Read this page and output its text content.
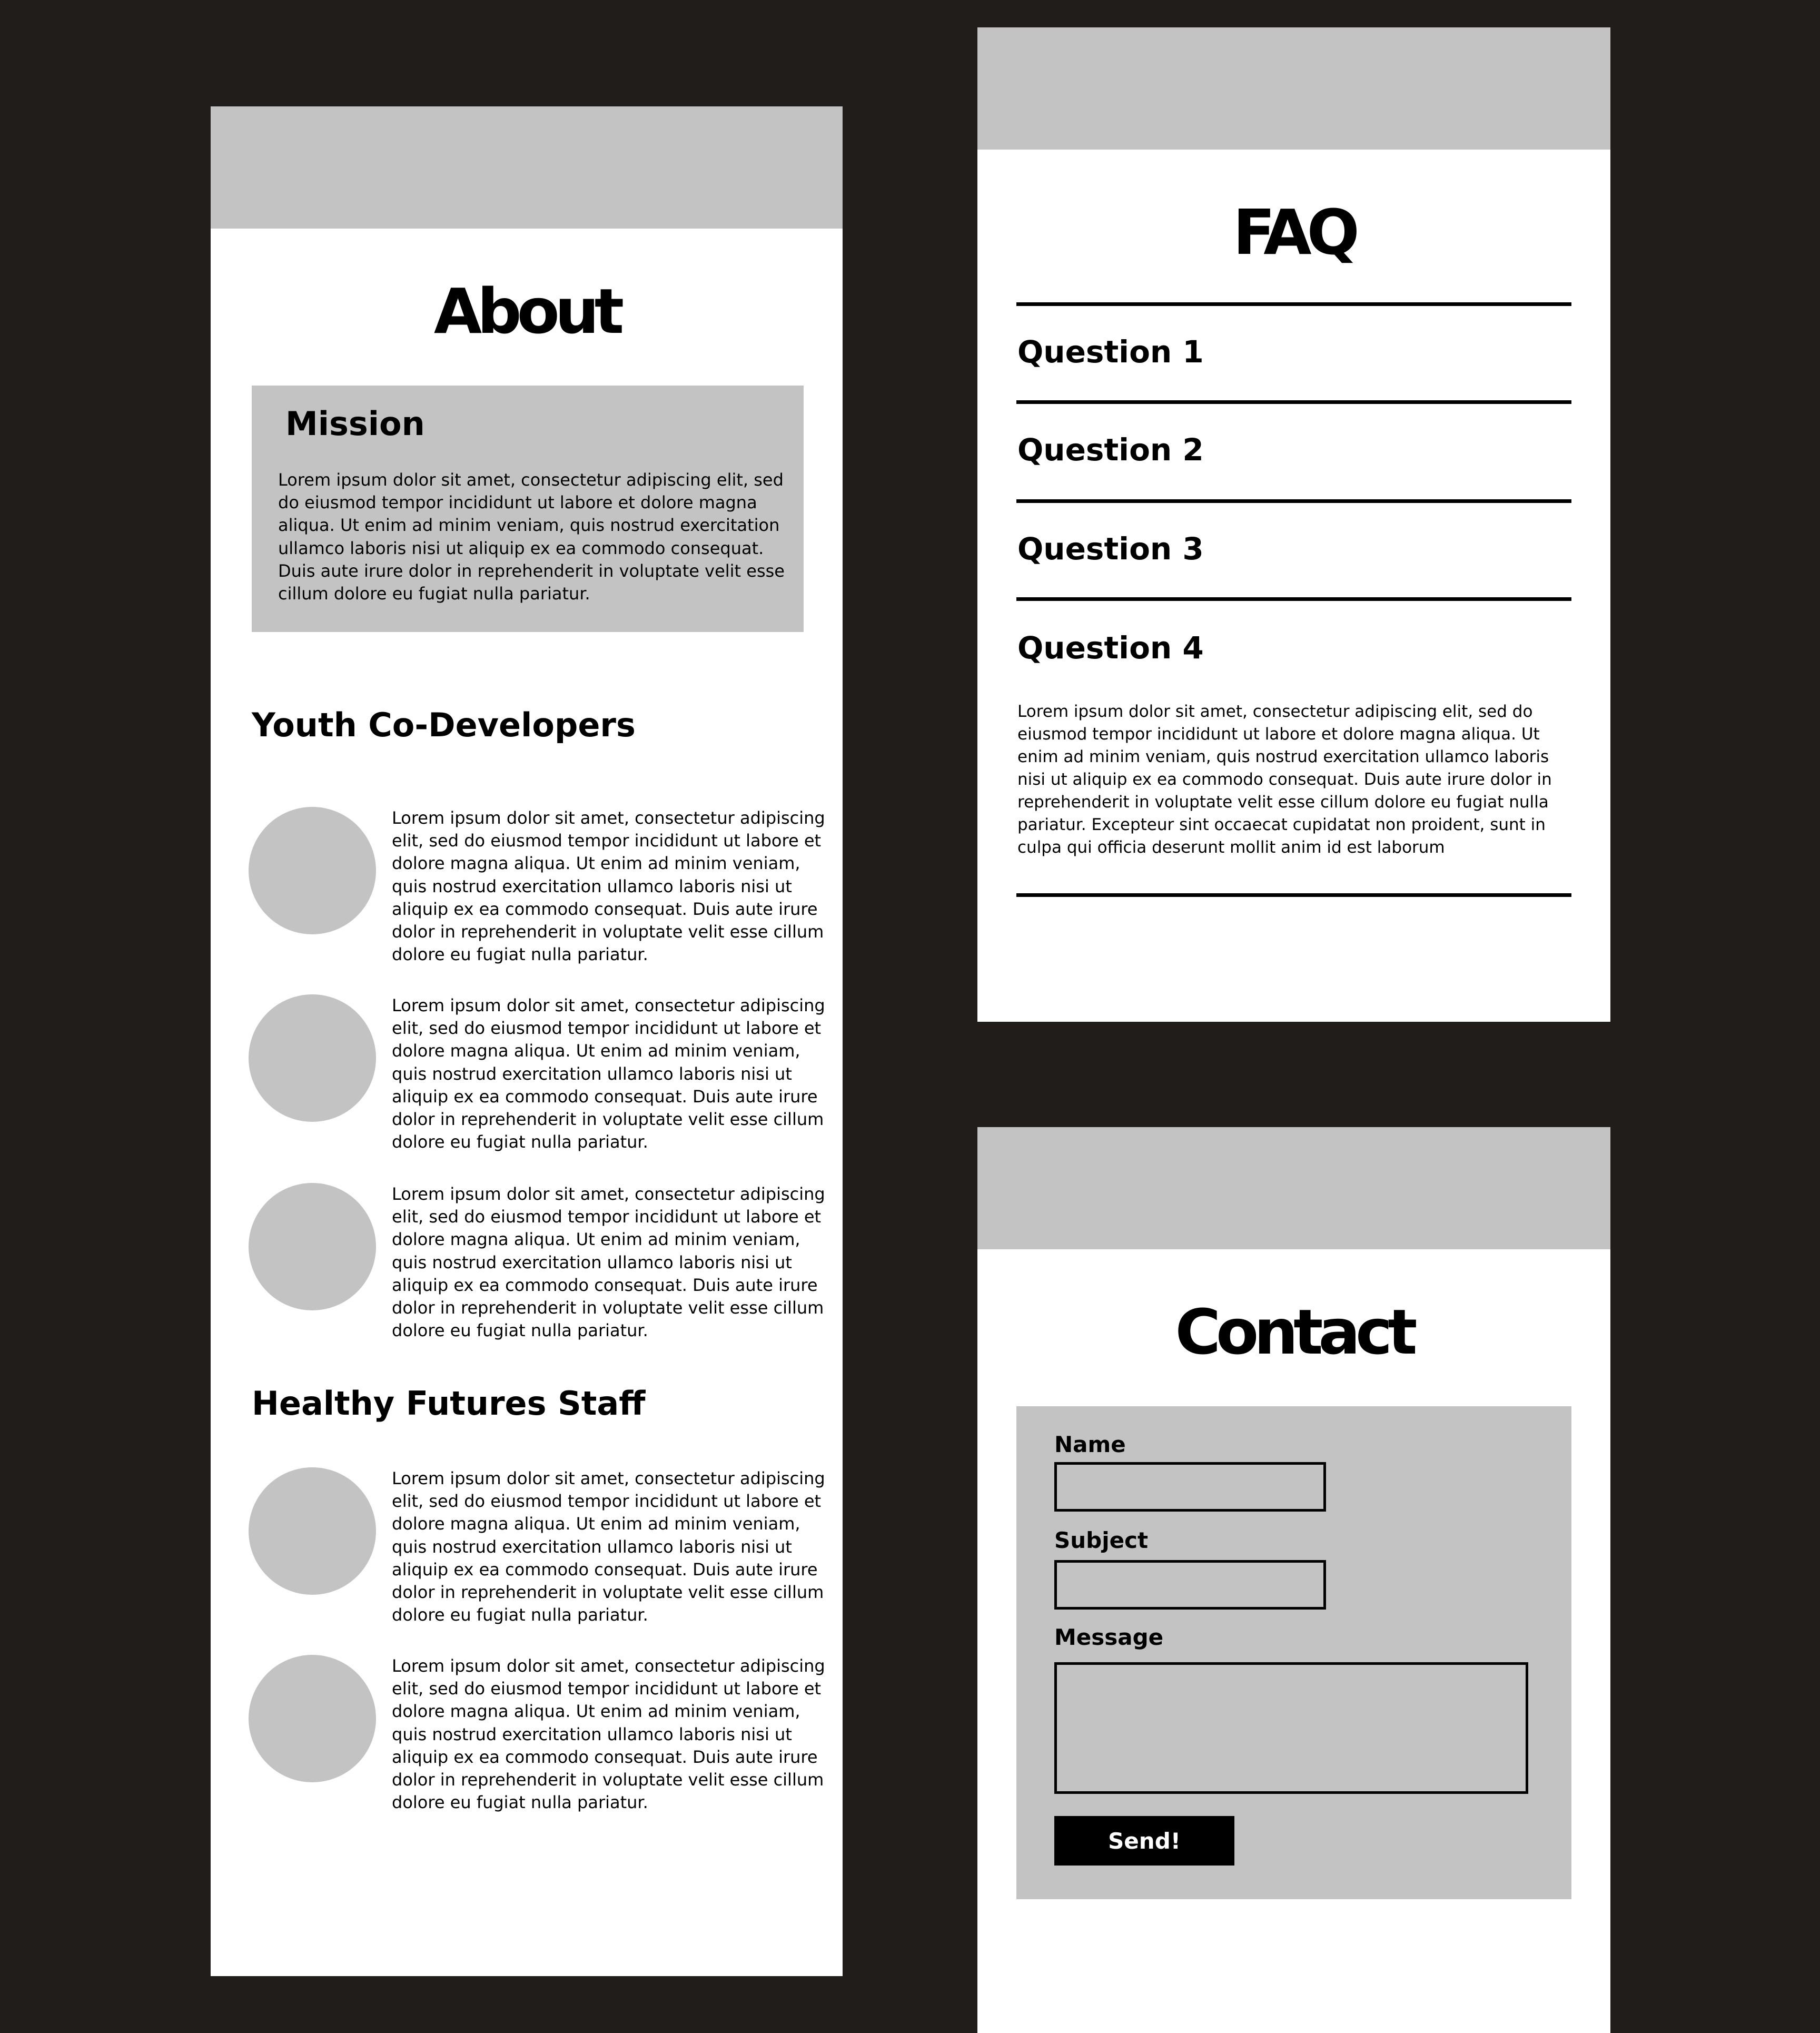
About
Mission

Lorem ipsum dolor sit amet, consectetur adipiscing elit, sed do eiusmod tempor incididunt ut labore et dolore magna aliqua. Ut enim ad minim veniam, quis nostrud exercitation ullamco laboris nisi ut aliquip ex ea commodo consequat. Duis aute irure dolor in reprehenderit in voluptate velit esse cillum dolore eu fugiat nulla pariatur.

Youth Co-Developers

Lorem ipsum dolor sit amet, consectetur adipiscing elit, sed do eiusmod tempor incididunt ut labore et dolore magna aliqua. Ut enim ad minim veniam, quis nostrud exercitation ullamco laboris nisi ut aliquip ex ea commodo consequat. Duis aute irure dolor in reprehenderit in voluptate velit esse cillum dolore eu fugiat nulla pariatur.

Lorem ipsum dolor sit amet, consectetur adipiscing elit, sed do eiusmod tempor incididunt ut labore et dolore magna aliqua. Ut enim ad minim veniam, quis nostrud exercitation ullamco laboris nisi ut aliquip ex ea commodo consequat. Duis aute irure dolor in reprehenderit in voluptate velit esse cillum dolore eu fugiat nulla pariatur.

Lorem ipsum dolor sit amet, consectetur adipiscing elit, sed do eiusmod tempor incididunt ut labore et dolore magna aliqua. Ut enim ad minim veniam, quis nostrud exercitation ullamco laboris nisi ut aliquip ex ea commodo consequat. Duis aute irure dolor in reprehenderit in voluptate velit esse cillum dolore eu fugiat nulla pariatur.

Healthy Futures Staff

Lorem ipsum dolor sit amet, consectetur adipiscing elit, sed do eiusmod tempor incididunt ut labore et dolore magna aliqua. Ut enim ad minim veniam, quis nostrud exercitation ullamco laboris nisi ut aliquip ex ea commodo consequat. Duis aute irure dolor in reprehenderit in voluptate velit esse cillum dolore eu fugiat nulla pariatur.

Lorem ipsum dolor sit amet, consectetur adipiscing elit, sed do eiusmod tempor incididunt ut labore et dolore magna aliqua. Ut enim ad minim veniam, quis nostrud exercitation ullamco laboris nisi ut aliquip ex ea commodo consequat. Duis aute irure dolor in reprehenderit in voluptate velit esse cillum dolore eu fugiat nulla pariatur.

FAQ
Question 1
Question 2
Question 3
Question 4

Lorem ipsum dolor sit amet, consectetur adipiscing elit, sed do eiusmod tempor incididunt ut labore et dolore magna aliqua. Ut enim ad minim veniam, quis nostrud exercitation ullamco laboris nisi ut aliquip ex ea commodo consequat. Duis aute irure dolor in reprehenderit in voluptate velit esse cillum dolore eu fugiat nulla pariatur. Excepteur sint occaecat cupidatat non proident, sunt in culpa qui officia deserunt mollit anim id est laborum

Contact
Name
Subject
Message
Send!
